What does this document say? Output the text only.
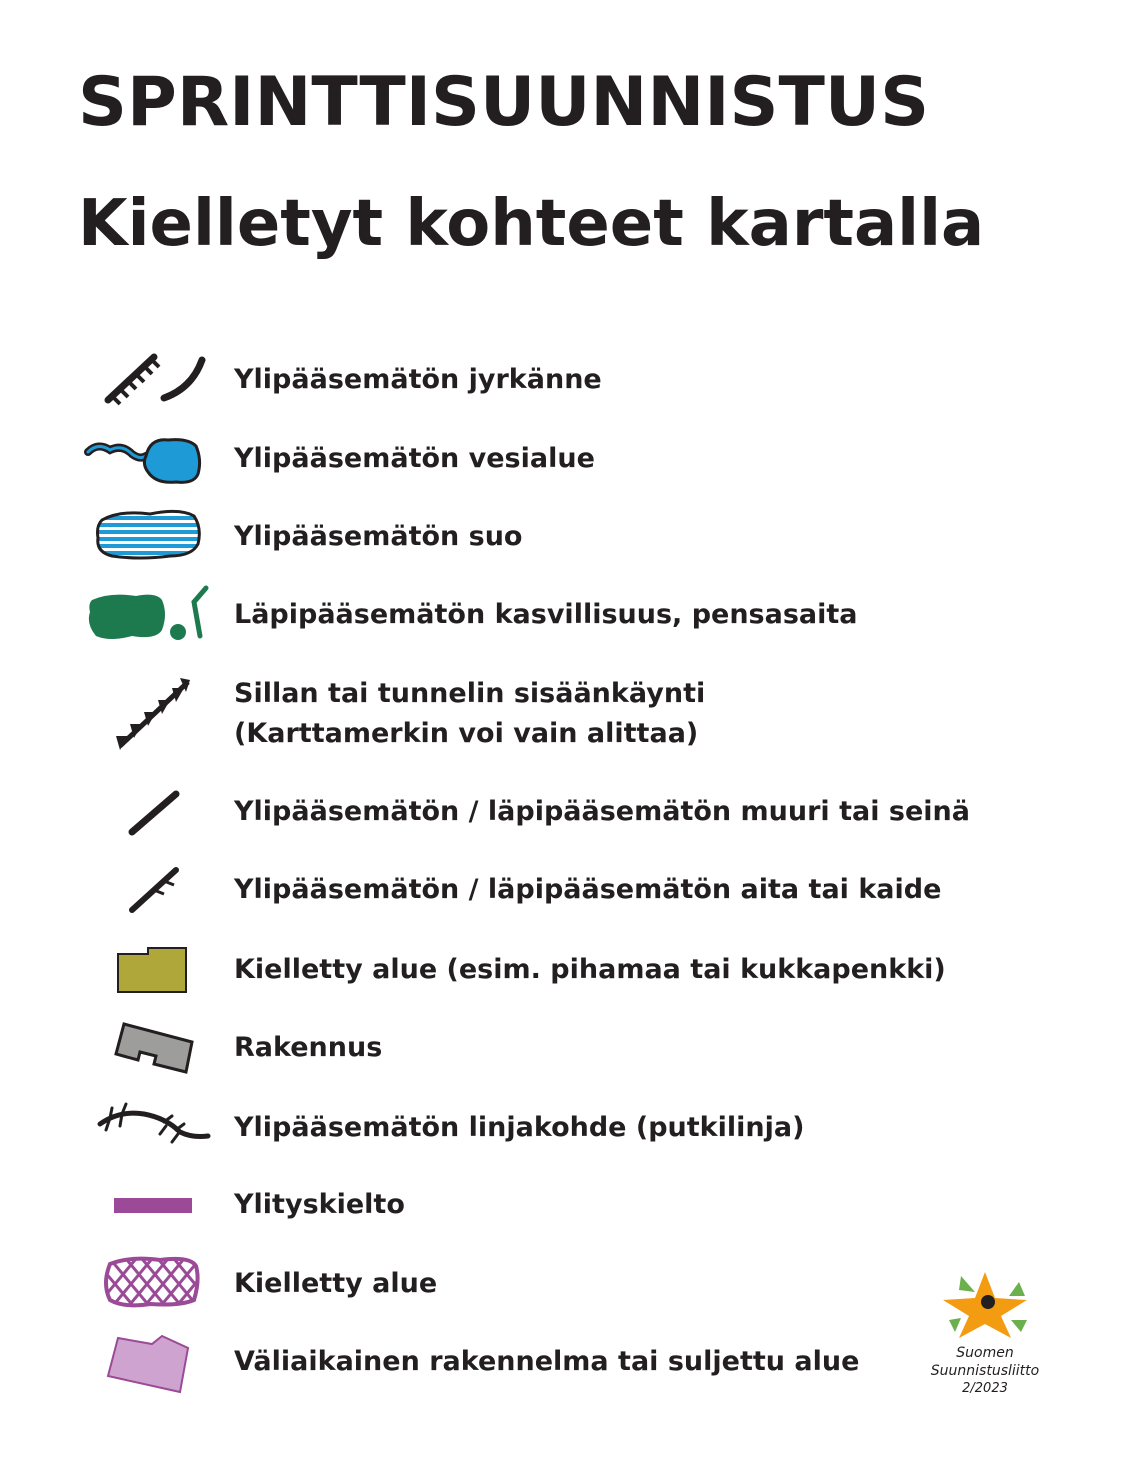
SPRINTTISUUNNISTUS
Kielletyt kohteet kartalla
Ylipääsemätön jyrkänne
Ylipääsemätön vesialue
Ylipääsemätön suo
Läpipääsemätön kasvillisuus, pensasaita
Sillan tai tunnelin sisäänkäynti
(Karttamerkin voi vain alittaa)
Ylipääsemätön / läpipääsemätön muuri tai seinä
Ylipääsemätön / läpipääsemätön aita tai kaide
Kielletty alue (esim. pihamaa tai kukkapenkki)
Rakennus
Ylipääsemätön linjakohde (putkilinja)
Ylityskielto
Kielletty alue
Väliaikainen rakennelma tai suljettu alue	Suomen
Suunnistusliitto
2/2023
